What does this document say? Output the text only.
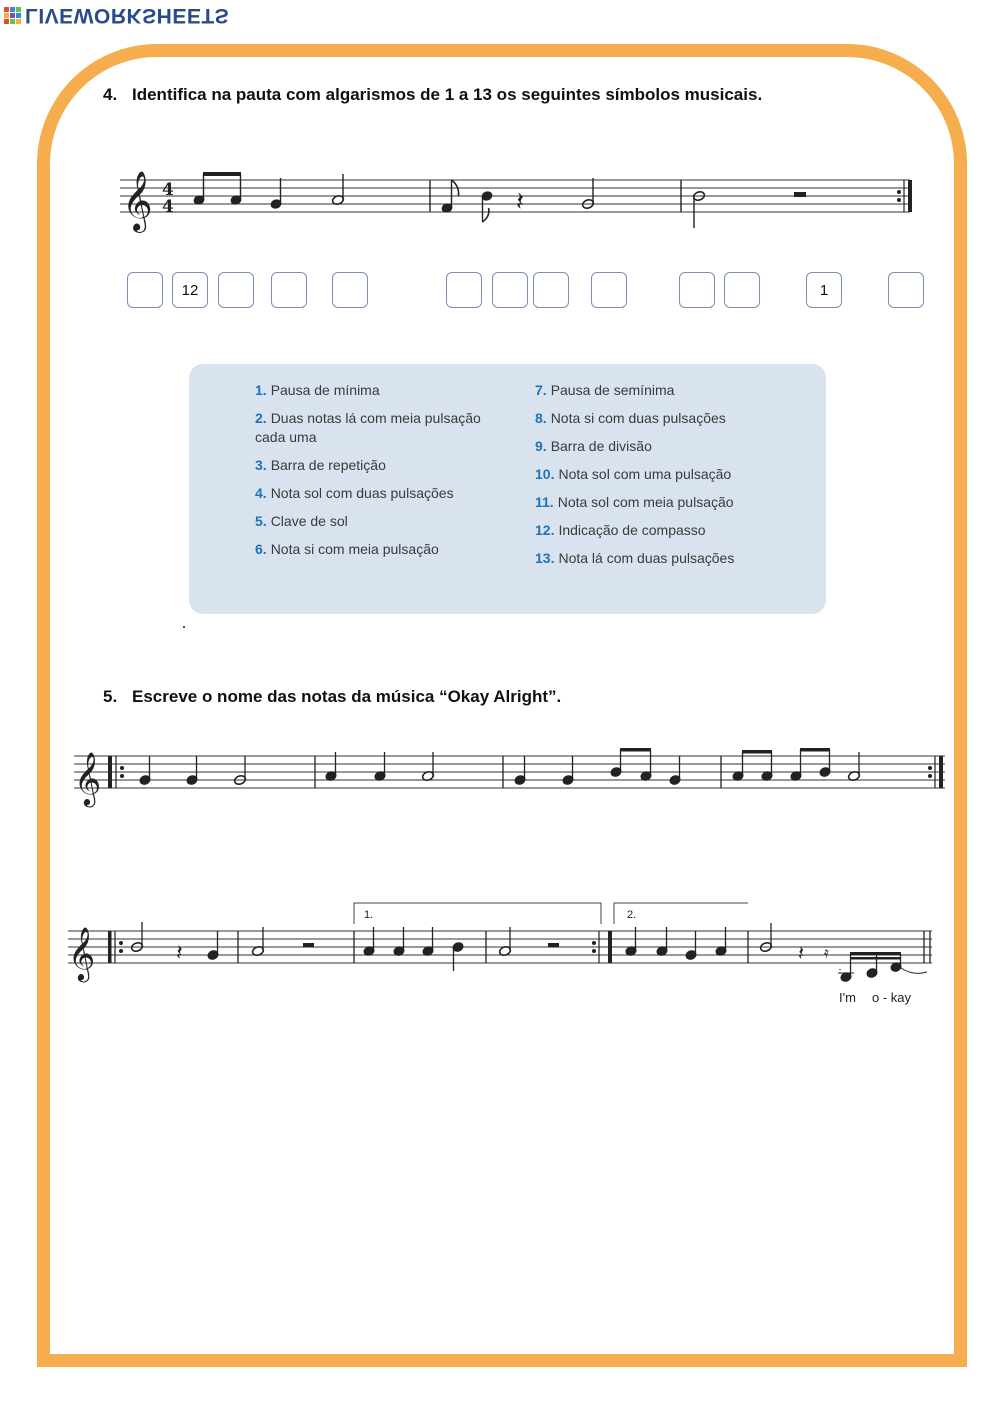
LIVEWORKSHEETS
4. Identifica na pauta com algarismos de 1 a 13 os seguintes símbolos musicais.
𝄞 4
4	𝄽
12	1
1. Pausa de mínima
2. Duas notas lá com meia pulsação cada uma
3. Barra de repetição
4. Nota sol com duas pulsações
5. Clave de sol
6. Nota si com meia pulsação
7. Pausa de semínima
8. Nota si com duas pulsações
9. Barra de divisão
10. Nota sol com uma pulsação
11. Nota sol com meia pulsação
12. Indicação de compasso
13. Nota lá com duas pulsações
5. Escreve o nome das notas da música “Okay Alright”.
𝄞
𝄞
1.	2.
𝄽	𝄽 𝄿
I'm o - kay
